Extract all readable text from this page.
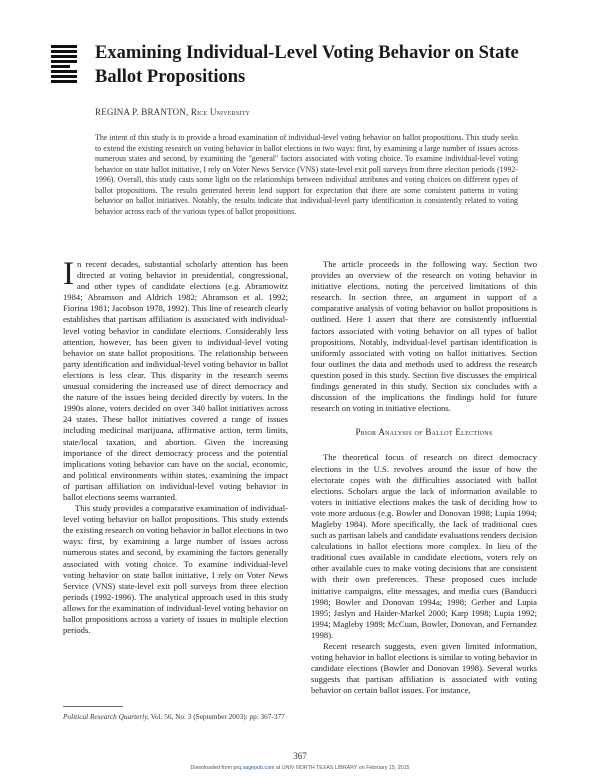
Examining Individual-Level Voting Behavior on State Ballot Propositions
REGINA P. BRANTON, Rice University
The intent of this study is to provide a broad examination of individual-level voting behavior on ballot propositions. This study seeks to extend the existing research on voting behavior in ballot elections in two ways: first, by examining a large number of issues across numerous states and second, by examining the "general" factors associated with voting choice. To examine individual-level voting behavior on state ballot initiative, I rely on Voter News Service (VNS) state-level exit poll surveys from three election periods (1992-1996). Overall, this study casts some light on the relationships between individual attributes and voting choices on different types of ballot propositions. The results generated herein lend support for expectation that there are some consistent patterns in voting behavior on ballot initiatives. Notably, the results indicate that individual-level party identification is consistently related to voting behavior across each of the various types of ballot propositions.

In recent decades, substantial scholarly attention has been directed at voting behavior in presidential, congressional, and other types of candidate elections (e.g. Abramowitz 1984; Abramson and Aldrich 1982; Abramson et al. 1992; Fiorina 1981; Jacobson 1978, 1992). This line of research clearly establishes that partisan affiliation is associated with individual-level voting behavior in candidate elections. Considerably less attention, however, has been given to individual-level voting behavior on state ballot propositions. The relationship between party identification and individual-level voting behavior in ballot elections is less clear. This disparity in the research seems unusual considering the increased use of direct democracy and the nature of the issues being decided directly by voters. In the 1990s alone, voters decided on over 340 ballot initiatives across 24 states. These ballot initiatives covered a range of issues including medicinal marijuana, affirmative action, term limits, state/local taxation, and abortion. Given the increasing importance of the direct democracy process and the potential implications voting behavior can have on the social, economic, and political environments within states, examining the impact of partisan affiliation on individual-level voting behavior in ballot elections seems warranted.

This study provides a comparative examination of individual-level voting behavior on ballot propositions. This study extends the existing research on voting behavior in ballot elections in two ways: first, by examining a large number of issues across numerous states and second, by examining the factors generally associated with voting choice. To examine individual-level voting behavior on state ballot initiative, I rely on Voter News Service (VNS) state-level exit poll surveys from three election periods (1992-1996). The analytical approach used in this study allows for the examination of individual-level voting behavior on ballot propositions across a variety of issues in multiple election periods.

The article proceeds in the following way. Section two provides an overview of the research on voting behavior in initiative elections, noting the perceived limitations of this research. In section three, an argument in support of a comparative analysis of voting behavior on ballot propositions is outlined. Here I assert that there are consistently influential factors associated with voting behavior on all types of ballot propositions. Notably, individual-level partisan identification is uniformly associated with voting on ballot initiatives. Section four outlines the data and methods used to address the research question posed in this study. Section five discusses the empirical findings generated in this study. Section six concludes with a discussion of the implications the findings hold for future research on voting in initiative elections.

Prior Analysis of Ballot Elections

The theoretical focus of research on direct democracy elections in the U.S. revolves around the issue of how the electorate copes with the difficulties associated with ballot elections. Scholars argue the lack of information available to voters in initiative elections makes the task of deciding how to vote more arduous (e.g. Bowler and Donovan 1998; Lupia 1994; Magleby 1984). More specifically, the lack of traditional cues such as partisan labels and candidate evaluations renders decision calculations in ballot elections more complex. In lieu of the traditional cues available in candidate elections, voters rely on other available cues to make voting decisions that are consistent with their own preferences. These proposed cues include initiative campaigns, elite messages, and media cues (Banducci 1998; Bowler and Donovan 1994a; 1998; Gerber and Lupia 1995; Jaslyn and Haider-Markel 2000; Karp 1998; Lupia 1992; 1994; Magleby 1989; McCuan, Bowler, Donovan, and Fernandez 1998).

Recent research suggests, even given limited information, voting behavior in ballot elections is similar to voting behavior in candidate elections (Bowler and Donovan 1998). Several works suggests that partisan affiliation is associated with voting behavior on certain ballot issues. For instance,

Political Research Quarterly, Vol. 56, No. 3 (September 2003): pp. 367-377
367
Downloaded from prq.sagepub.com at UNIV NORTH TEXAS LIBRARY on February 15, 2015
